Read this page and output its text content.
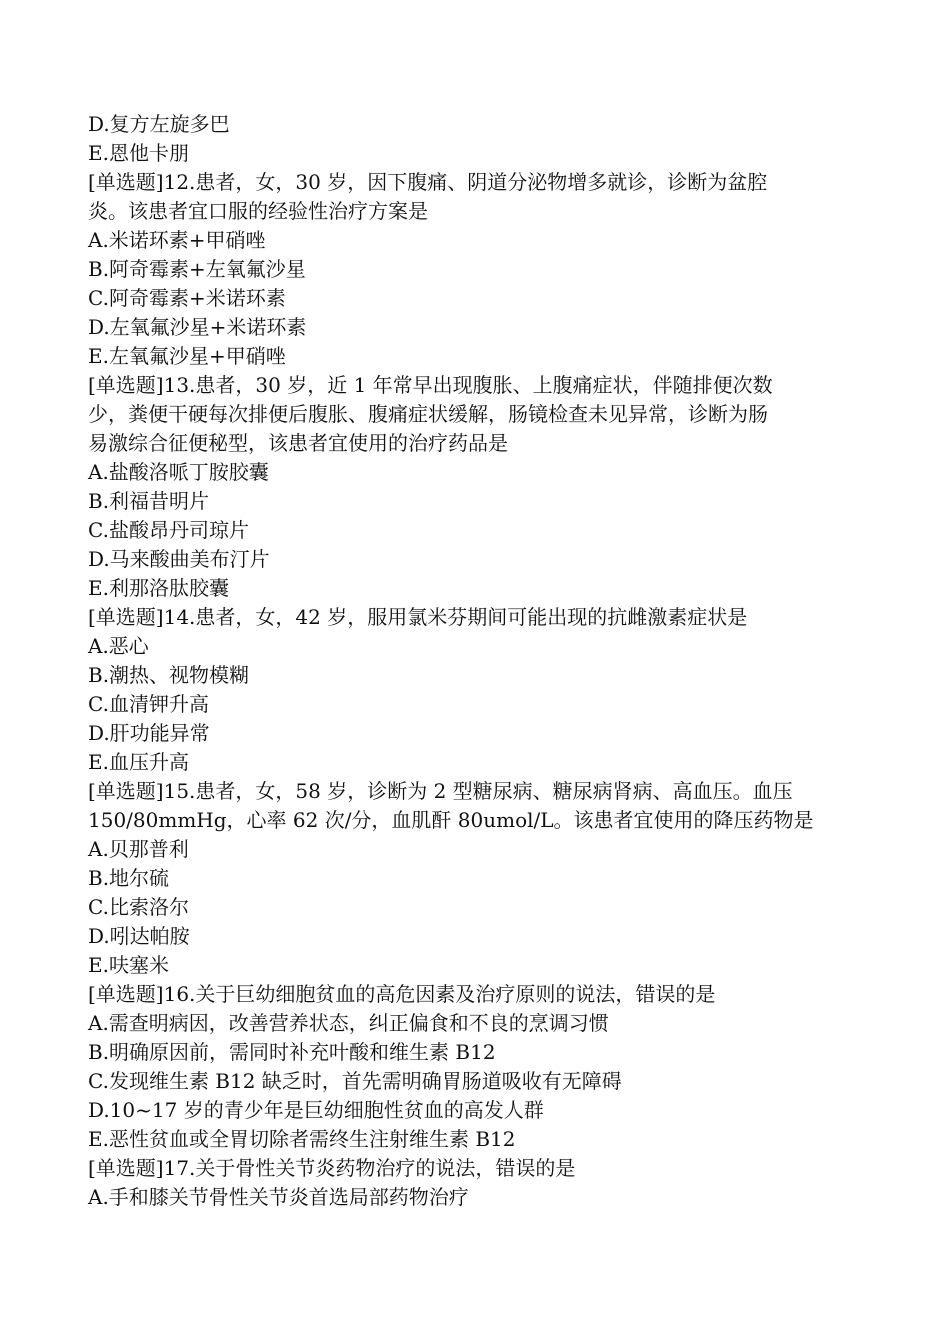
D.复方左旋多巴
E.恩他卡朋
[单选题]12.患者，女，30 岁，因下腹痛、阴道分泌物增多就诊，诊断为盆腔
炎。该患者宜口服的经验性治疗方案是
A.米诺环素+甲硝唑
B.阿奇霉素+左氧氟沙星
C.阿奇霉素+米诺环素
D.左氧氟沙星+米诺环素
E.左氧氟沙星+甲硝唑
[单选题]13.患者，30 岁，近 1 年常早出现腹胀、上腹痛症状，伴随排便次数
少，粪便干硬每次排便后腹胀、腹痛症状缓解，肠镜检查未见异常，诊断为肠
易激综合征便秘型，该患者宜使用的治疗药品是
A.盐酸洛哌丁胺胶囊
B.利福昔明片
C.盐酸昂丹司琼片
D.马来酸曲美布汀片
E.利那洛肽胶囊
[单选题]14.患者，女，42 岁，服用氯米芬期间可能出现的抗雌激素症状是
A.恶心
B.潮热、视物模糊
C.血清钾升高
D.肝功能异常
E.血压升高
[单选题]15.患者，女，58 岁，诊断为 2 型糖尿病、糖尿病肾病、高血压。血压
150/80mmHg，心率 62 次/分，血肌酐 80umol/L。该患者宜使用的降压药物是
A.贝那普利
B.地尔硫
C.比索洛尔
D.吲达帕胺
E.呋塞米
[单选题]16.关于巨幼细胞贫血的高危因素及治疗原则的说法，错误的是
A.需查明病因，改善营养状态，纠正偏食和不良的烹调习惯
B.明确原因前，需同时补充叶酸和维生素 B12
C.发现维生素 B12 缺乏时，首先需明确胃肠道吸收有无障碍
D.10~17 岁的青少年是巨幼细胞性贫血的高发人群
E.恶性贫血或全胃切除者需终生注射维生素 B12
[单选题]17.关于骨性关节炎药物治疗的说法，错误的是
A.手和膝关节骨性关节炎首选局部药物治疗
